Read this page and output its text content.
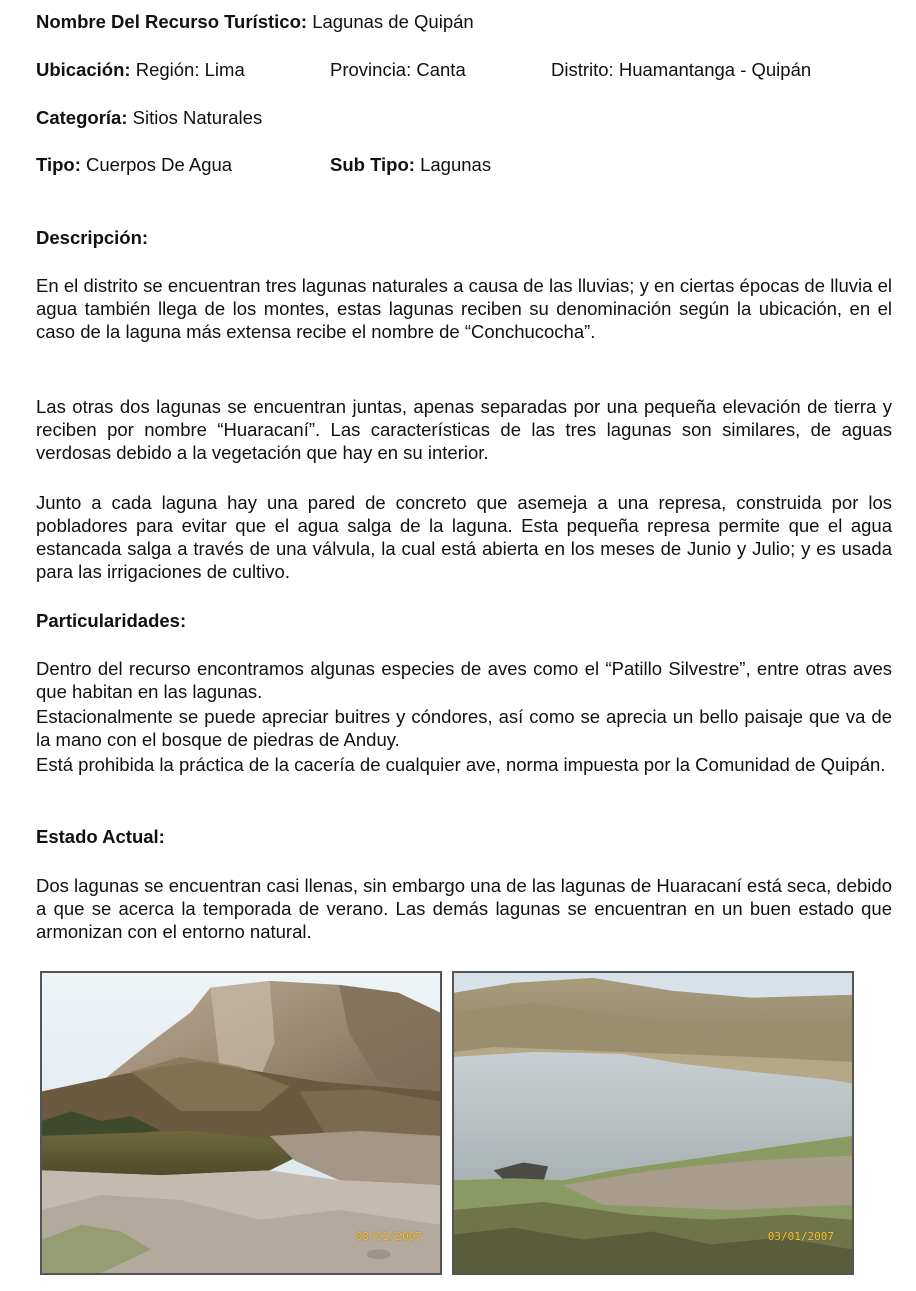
Nombre Del Recurso Turístico: Lagunas de Quipán
Ubicación: Región: Lima	Provincia: Canta	Distrito: Huamantanga - Quipán
Categoría: Sitios Naturales
Tipo: Cuerpos De Agua	Sub Tipo: Lagunas
Descripción:

En el distrito se encuentran tres lagunas naturales a causa de las lluvias; y en ciertas épocas de lluvia el agua también llega de los montes, estas lagunas reciben su denominación según la ubicación, en el caso de la laguna más extensa recibe el nombre de “Conchucocha”.

Las otras dos lagunas se encuentran juntas, apenas separadas por una pequeña elevación de tierra y reciben por nombre “Huaracaní”. Las características de las tres lagunas son similares, de aguas verdosas debido a la vegetación que hay en su interior.

Junto a cada laguna hay una pared de concreto que asemeja a una represa, construida por los pobladores para evitar que el agua salga de la laguna. Esta pequeña represa permite que el agua estancada salga a través de una válvula, la cual está abierta en los meses de Junio y Julio; y es usada para las irrigaciones de cultivo.

Particularidades:

Dentro del recurso encontramos algunas especies de aves como el “Patillo Silvestre”, entre otras aves que habitan en las lagunas.

Estacionalmente se puede apreciar buitres y cóndores, así como se aprecia un bello paisaje que va de la mano con el bosque de piedras de Anduy.

Está prohibida la práctica de la cacería de cualquier ave, norma impuesta por la Comunidad de Quipán.

Estado Actual:

Dos lagunas se encuentran casi llenas, sin embargo una de las lagunas de Huaracaní está seca, debido a que se acerca la temporada de verano. Las demás lagunas se encuentran en un buen estado que armonizan con el entorno natural.

03/01/2007	03/01/2007
